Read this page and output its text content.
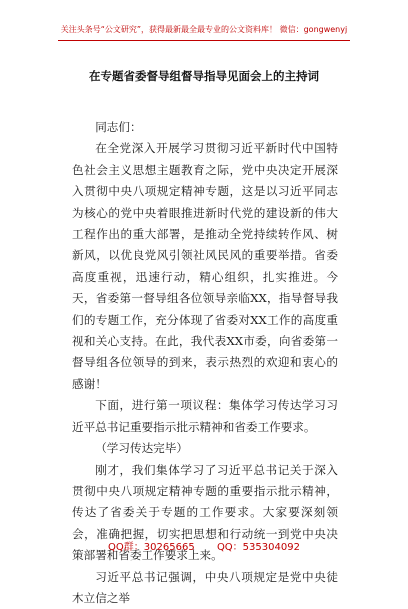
关注头条号“公文研究”，获得最新最全最专业的公文资料库！ 微信：gongwenyj
在专题省委督导组督导指导见面会上的主持词

同志们：

在全党深入开展学习贯彻习近平新时代中国特色社会主义思想主题教育之际，党中央决定开展深入贯彻中央八项规定精神专题，这是以习近平同志为核心的党中央着眼推进新时代党的建设新的伟大工程作出的重大部署，是推动全党持续转作风、树新风，以优良党风引领社风民风的重要举措。省委高度重视，迅速行动，精心组织，扎实推进。今天，省委第一督导组各位领导亲临XX，指导督导我们的专题工作，充分体现了省委对XX工作的高度重视和关心支持。在此，我代表XX市委，向省委第一督导组各位领导的到来，表示热烈的欢迎和衷心的感谢！

下面，进行第一项议程：集体学习传达学习习近平总书记重要指示批示精神和省委工作要求。

（学习传达完毕）

刚才，我们集体学习了习近平总书记关于深入贯彻中央八项规定精神专题的重要指示批示精神，传达了省委关于专题的工作要求。大家要深刻领会，准确把握，切实把思想和行动统一到党中央决策部署和省委工作要求上来。

习近平总书记强调，中央八项规定是党中央徒木立信之举

QQ群：30265665       QQ：535304092
